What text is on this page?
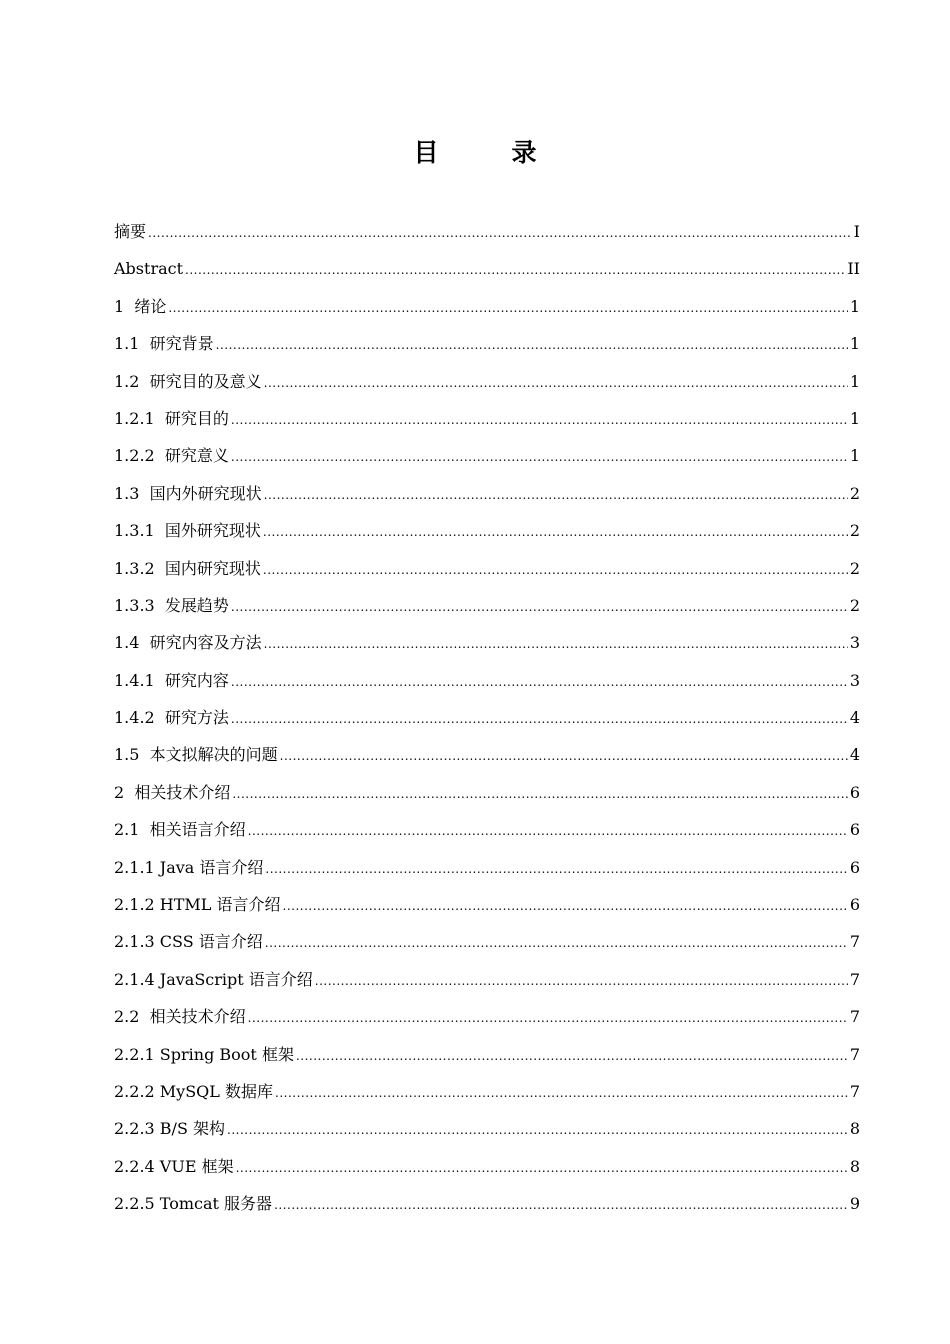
目　录
摘要 .....	I
Abstract .....	II
1  绪论 .....	1
1.1  研究背景 .....	1
1.2  研究目的及意义 .....	1
1.2.1  研究目的 .....	1
1.2.2  研究意义 .....	1
1.3  国内外研究现状 .....	2
1.3.1  国外研究现状 .....	2
1.3.2  国内研究现状 .....	2
1.3.3  发展趋势 .....	2
1.4  研究内容及方法 .....	3
1.4.1  研究内容 .....	3
1.4.2  研究方法 .....	4
1.5  本文拟解决的问题 .....	4
2  相关技术介绍 .....	6
2.1  相关语言介绍 .....	6
2.1.1 Java 语言介绍 .....	6
2.1.2 HTML 语言介绍 .....	6
2.1.3 CSS 语言介绍 .....	7
2.1.4 JavaScript 语言介绍 .....	7
2.2  相关技术介绍 .....	7
2.2.1 Spring Boot 框架 .....	7
2.2.2 MySQL 数据库 .....	7
2.2.3 B/S 架构 .....	8
2.2.4 VUE 框架 .....	8
2.2.5 Tomcat 服务器 .....	9
